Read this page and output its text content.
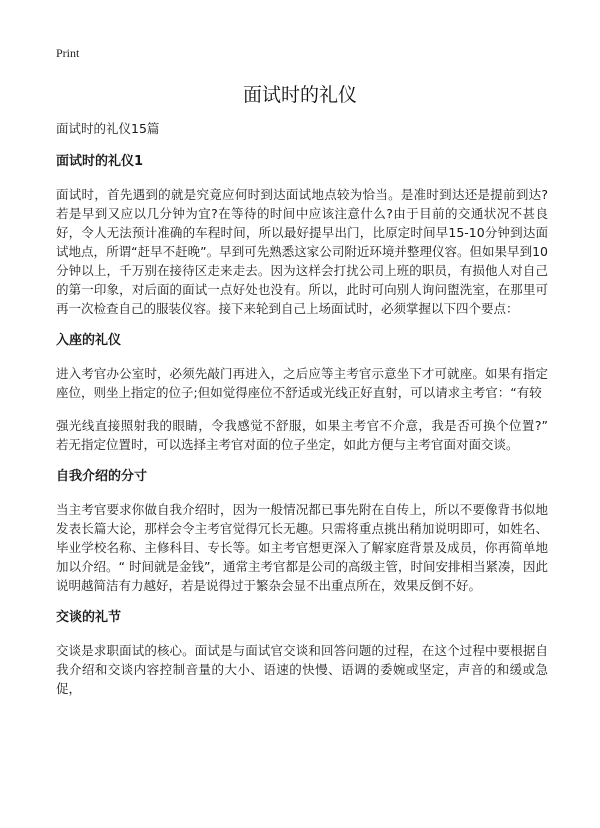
Print
面试时的礼仪

面试时的礼仪15篇

面试时的礼仪1

面试时，首先遇到的就是究竟应何时到达面试地点较为恰当。是准时到达还是提前到达?若是早到又应以几分钟为宜?在等待的时间中应该注意什么?由于目前的交通状况不甚良好，令人无法预计准确的车程时间，所以最好提早出门，比原定时间早15-10分钟到达面试地点，所谓“赶早不赶晚”。早到可先熟悉这家公司附近环境并整理仪容。但如果早到10分钟以上，千万别在接待区走来走去。因为这样会打扰公司上班的职员，有损他人对自己的第一印象，对后面的面试一点好处也没有。所以，此时可向别人询问盥洗室，在那里可再一次检查自己的服装仪容。接下来轮到自己上场面试时，必须掌握以下四个要点：

入座的礼仪

进入考官办公室时，必须先敲门再进入，之后应等主考官示意坐下才可就座。如果有指定座位，则坐上指定的位子;但如觉得座位不舒适或光线正好直射，可以请求主考官：“有较

强光线直接照射我的眼睛，令我感觉不舒服，如果主考官不介意，我是否可换个位置?” 若无指定位置时，可以选择主考官对面的位子坐定，如此方便与主考官面对面交谈。

自我介绍的分寸

当主考官要求你做自我介绍时，因为一般情况都已事先附在自传上，所以不要像背书似地发表长篇大论，那样会令主考官觉得冗长无趣。只需将重点挑出稍加说明即可，如姓名、毕业学校名称、主修科目、专长等。如主考官想更深入了解家庭背景及成员，你再简单地加以介绍。“ 时间就是金钱”，通常主考官都是公司的高级主管，时间安排相当紧凑，因此说明越简洁有力越好，若是说得过于繁杂会显不出重点所在，效果反倒不好。

交谈的礼节

交谈是求职面试的核心。面试是与面试官交谈和回答问题的过程，在这个过程中要根据自我介绍和交谈内容控制音量的大小、语速的快慢、语调的委婉或坚定，声音的和缓或急促，
